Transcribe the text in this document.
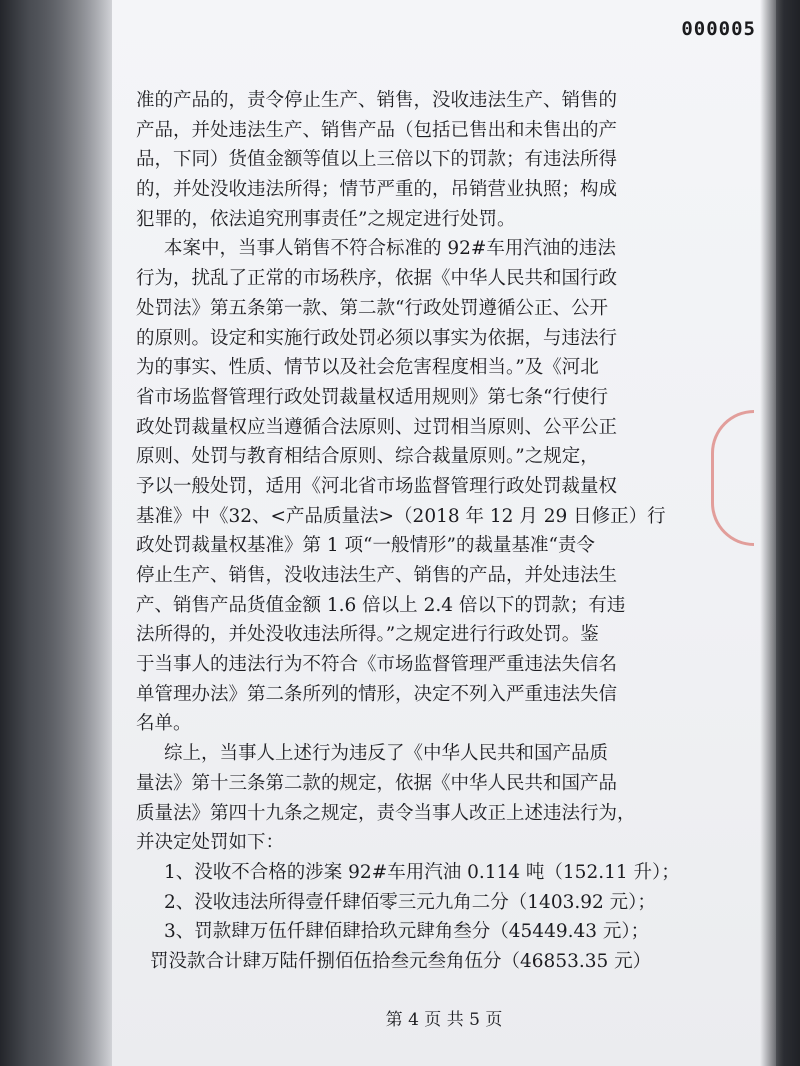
000005
准的产品的，责令停止生产、销售，没收违法生产、销售的
产品，并处违法生产、销售产品（包括已售出和未售出的产
品，下同）货值金额等值以上三倍以下的罚款；有违法所得
的，并处没收违法所得；情节严重的，吊销营业执照；构成
犯罪的，依法追究刑事责任”之规定进行处罚。
本案中，当事人销售不符合标准的 92#车用汽油的违法
行为，扰乱了正常的市场秩序，依据《中华人民共和国行政
处罚法》第五条第一款、第二款“行政处罚遵循公正、公开
的原则。设定和实施行政处罚必须以事实为依据，与违法行
为的事实、性质、情节以及社会危害程度相当。”及《河北
省市场监督管理行政处罚裁量权适用规则》第七条“行使行
政处罚裁量权应当遵循合法原则、过罚相当原则、公平公正
原则、处罚与教育相结合原则、综合裁量原则。”之规定，
予以一般处罚，适用《河北省市场监督管理行政处罚裁量权
基准》中《32、<产品质量法>（2018 年 12 月 29 日修正）行
政处罚裁量权基准》第 1 项“一般情形”的裁量基准“责令
停止生产、销售，没收违法生产、销售的产品，并处违法生
产、销售产品货值金额 1.6 倍以上 2.4 倍以下的罚款；有违
法所得的，并处没收违法所得。”之规定进行行政处罚。鉴
于当事人的违法行为不符合《市场监督管理严重违法失信名
单管理办法》第二条所列的情形，决定不列入严重违法失信
名单。
综上，当事人上述行为违反了《中华人民共和国产品质
量法》第十三条第二款的规定，依据《中华人民共和国产品
质量法》第四十九条之规定，责令当事人改正上述违法行为，
并决定处罚如下：
1、没收不合格的涉案 92#车用汽油 0.114 吨（152.11 升）；
2、没收违法所得壹仟肆佰零三元九角二分（1403.92 元）；
3、罚款肆万伍仟肆佰肆拾玖元肆角叁分（45449.43 元）；
罚没款合计肆万陆仟捌佰伍拾叁元叁角伍分（46853.35 元）
第 4 页 共 5 页
